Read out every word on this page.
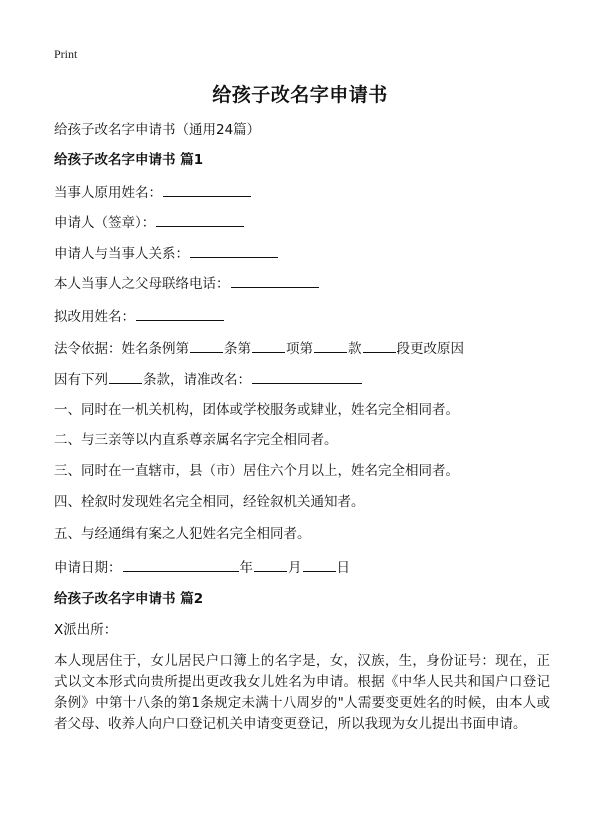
Print
给孩子改名字申请书
给孩子改名字申请书（通用24篇）
给孩子改名字申请书 篇1
当事人原用姓名：
申请人（签章）：
申请人与当事人关系：
本人当事人之父母联络电话：
拟改用姓名：
法令依据：姓名条例第	条第	项第	款	段更改原因
因有下列	条款，请准改名：
一、同时在一机关机构，团体或学校服务或肄业，姓名完全相同者。
二、与三亲等以内直系尊亲属名字完全相同者。
三、同时在一直辖市，县（市）居住六个月以上，姓名完全相同者。
四、栓叙时发现姓名完全相同，经铨叙机关通知者。
五、与经通缉有案之人犯姓名完全相同者。
申请日期：	年	月	日
给孩子改名字申请书 篇2
X派出所：
本人现居住于，女儿居民户口簿上的名字是，女，汉族，生，身份证号：现在，正式以文本形式向贵所提出更改我女儿姓名为申请。根据《中华人民共和国户口登记条例》中第十八条的第1条规定未满十八周岁的"人需要变更姓名的时候，由本人或者父母、收养人向户口登记机关申请变更登记，所以我现为女儿提出书面申请。
